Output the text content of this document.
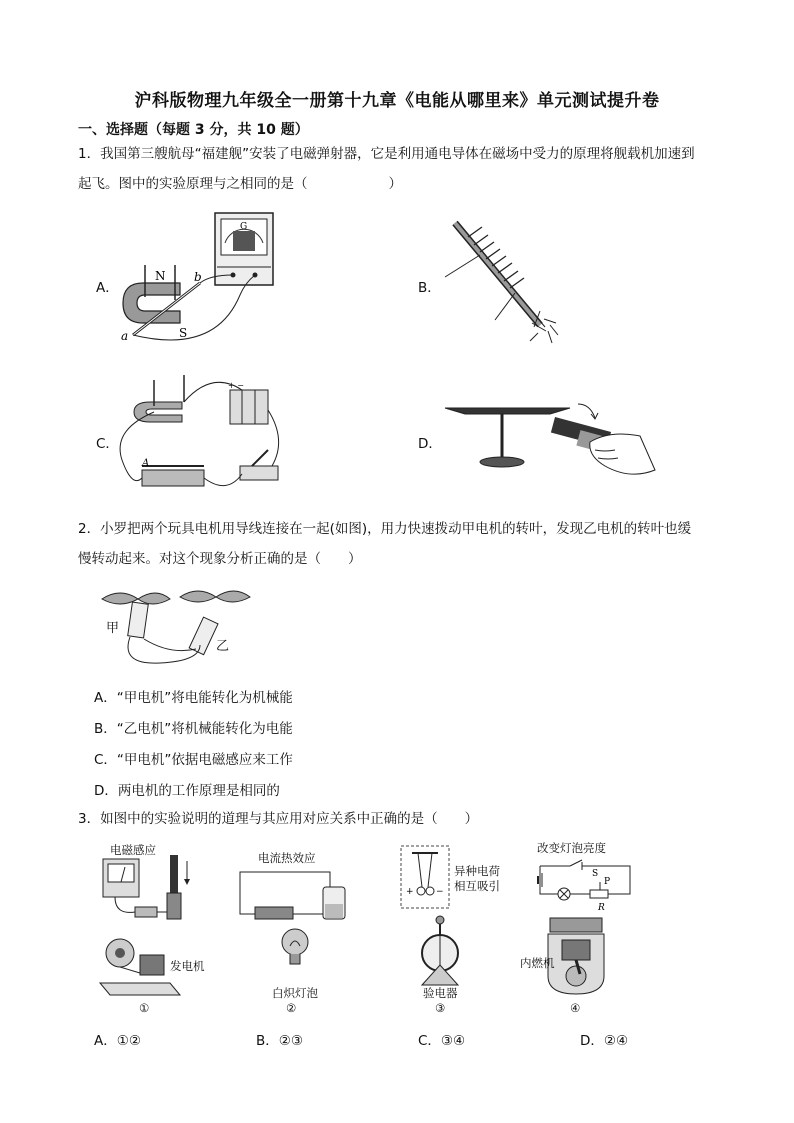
沪科版物理九年级全一册第十九章《电能从哪里来》单元测试提升卷
一、选择题（每题 3 分，共 10 题）
1．我国第三艘航母“福建舰”安装了电磁弹射器，它是利用通电导体在磁场中受力的原理将舰载机加速到
起飞。图中的实验原理与之相同的是（　　　　　　）
A．	B．
C．	D．
N
S
a
b
G
+ −
A
2．小罗把两个玩具电机用导线连接在一起(如图)，用力快速拨动甲电机的转叶，发现乙电机的转叶也缓
慢转动起来。对这个现象分析正确的是（　　）
甲
乙
A．“甲电机”将电能转化为机械能
B．“乙电机”将机械能转化为电能
C．“甲电机”依据电磁感应来工作
D．两电机的工作原理是相同的
3．如图中的实验说明的道理与其应用对应关系中正确的是（　　）
电磁感应
发电机
①
电流热效应
白炽灯泡
②
+ −
异种电荷
相互吸引
验电器
③
改变灯泡亮度
S
P
R
内燃机
④
A．①②	B．②③	C．③④	D．②④
